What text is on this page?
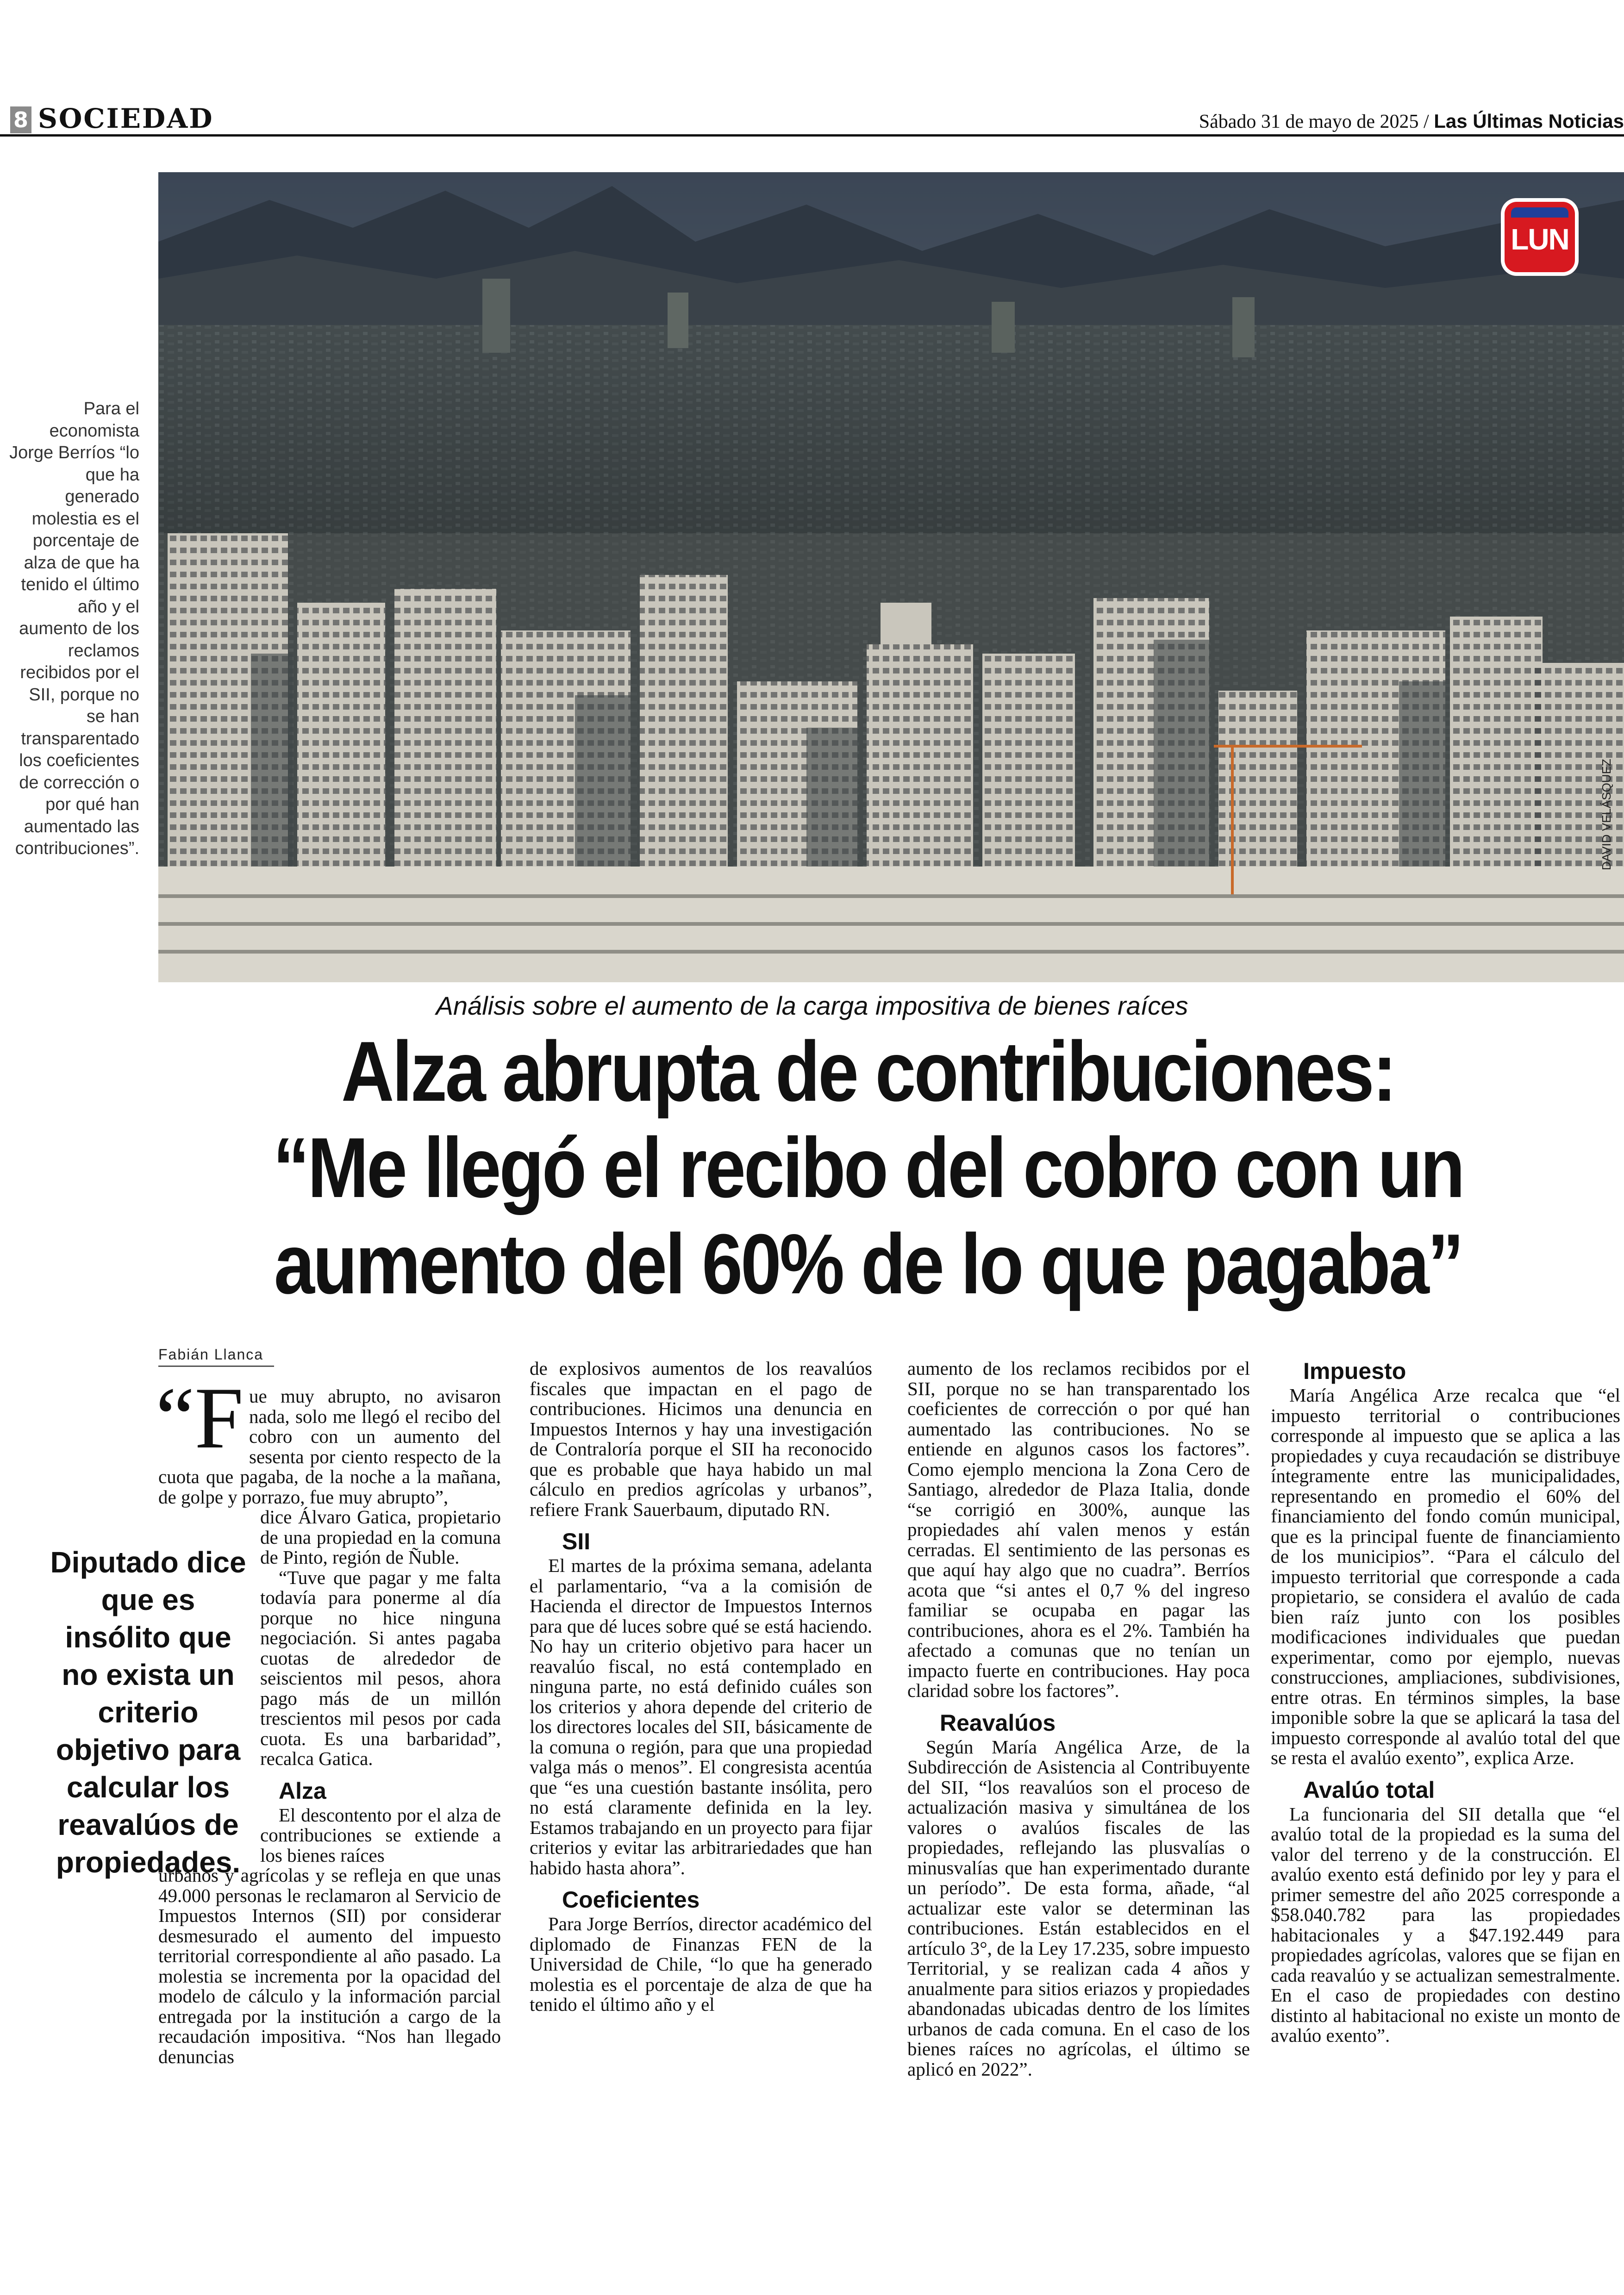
8 SOCIEDAD	Sábado 31 de mayo de 2025 / Las Últimas Noticias
Para el economista Jorge Berríos “lo que ha generado molestia es el porcentaje de alza de que ha tenido el último año y el aumento de los reclamos recibidos por el SII, porque no se han transparentado los coeficientes de corrección o por qué han aumentado las contribuciones”.
LUN
DAVID VELÁSQUEZ
Análisis sobre el aumento de la carga impositiva de bienes raíces
Alza abrupta de contribuciones:
“Me llegó el recibo del cobro con un
aumento del 60% de lo que pagaba”
Fabián Llanca
Diputado dice que es insólito que no exista un criterio objetivo para calcular los reavalúos de propiedades.
“F ue muy abrupto, no avisaron nada, solo me llegó el recibo del cobro con un aumento del sesenta por ciento respecto de la cuota que pagaba, de la noche a la mañana, de golpe y porrazo, fue muy abrupto”,

dice Álvaro Gatica, propietario de una propiedad en la comuna de Pinto, región de Ñuble.

“Tuve que pagar y me falta todavía para ponerme al día porque no hice ninguna negociación. Si antes pagaba cuotas de alrededor de seiscientos mil pesos, ahora pago más de un millón trescientos mil pesos por cada cuota. Es una barbaridad”, recalca Gatica.

Alza

El descontento por el alza de contribuciones se extiende a los bienes raíces

urbanos y agrícolas y se refleja en que unas 49.000 personas le reclamaron al Servicio de Impuestos Internos (SII) por considerar desmesurado el aumento del impuesto territorial correspondiente al año pasado. La molestia se incrementa por la opacidad del modelo de cálculo y la información parcial entregada por la institución a cargo de la recaudación impositiva. “Nos han llegado denuncias

de explosivos aumentos de los reavalúos fiscales que impactan en el pago de contribuciones. Hicimos una denuncia en Impuestos Internos y hay una investigación de Contraloría porque el SII ha reconocido que es probable que haya habido un mal cálculo en predios agrícolas y urbanos”, refiere Frank Sauerbaum, diputado RN.

SII

El martes de la próxima semana, adelanta el parlamentario, “va a la comisión de Hacienda el director de Impuestos Internos para que dé luces sobre qué se está haciendo. No hay un criterio objetivo para hacer un reavalúo fiscal, no está contemplado en ninguna parte, no está definido cuáles son los criterios y ahora depende del criterio de los directores locales del SII, básicamente de la comuna o región, para que una propiedad valga más o menos”. El congresista acentúa que “es una cuestión bastante insólita, pero no está claramente definida en la ley. Estamos trabajando en un proyecto para fijar criterios y evitar las arbitrariedades que han habido hasta ahora”.

Coeficientes

Para Jorge Berríos, director académico del diplomado de Finanzas FEN de la Universidad de Chile, “lo que ha generado molestia es el porcentaje de alza de que ha tenido el último año y el

aumento de los reclamos recibidos por el SII, porque no se han transparentado los coeficientes de corrección o por qué han aumentado las contribuciones. No se entiende en algunos casos los factores”. Como ejemplo menciona la Zona Cero de Santiago, alrededor de Plaza Italia, donde “se corrigió en 300%, aunque las propiedades ahí valen menos y están cerradas. El sentimiento de las personas es que aquí hay algo que no cuadra”. Berríos acota que “si antes el 0,7 % del ingreso familiar se ocupaba en pagar las contribuciones, ahora es el 2%. También ha afectado a comunas que no tenían un impacto fuerte en contribuciones. Hay poca claridad sobre los factores”.

Reavalúos

Según María Angélica Arze, de la Subdirección de Asistencia al Contribuyente del SII, “los reavalúos son el proceso de actualización masiva y simultánea de los valores o avalúos fiscales de las propiedades, reflejando las plusvalías o minusvalías que han experimentado durante un período”. De esta forma, añade, “al actualizar este valor se determinan las contribuciones. Están establecidos en el artículo 3°, de la Ley 17.235, sobre impuesto Territorial, y se realizan cada 4 años y anualmente para sitios eriazos y propiedades abandonadas ubicadas dentro de los límites urbanos de cada comuna. En el caso de los bienes raíces no agrícolas, el último se aplicó en 2022”.

Impuesto

María Angélica Arze recalca que “el impuesto territorial o contribuciones corresponde al impuesto que se aplica a las propiedades y cuya recaudación se distribuye íntegramente entre las municipalidades, representando en promedio el 60% del financiamiento del fondo común municipal, que es la principal fuente de financiamiento de los municipios”. “Para el cálculo del impuesto territorial que corresponde a cada propietario, se considera el avalúo de cada bien raíz junto con los posibles modificaciones individuales que puedan experimentar, como por ejemplo, nuevas construcciones, ampliaciones, subdivisiones, entre otras. En términos simples, la base imponible sobre la que se aplicará la tasa del impuesto corresponde al avalúo total del que se resta el avalúo exento”, explica Arze.

Avalúo total

La funcionaria del SII detalla que “el avalúo total de la propiedad es la suma del valor del terreno y de la construcción. El avalúo exento está definido por ley y para el primer semestre del año 2025 corresponde a $58.040.782 para las propiedades habitacionales y a $47.192.449 para propiedades agrícolas, valores que se fijan en cada reavalúo y se actualizan semestralmente. En el caso de propiedades con destino distinto al habitacional no existe un monto de avalúo exento”.
